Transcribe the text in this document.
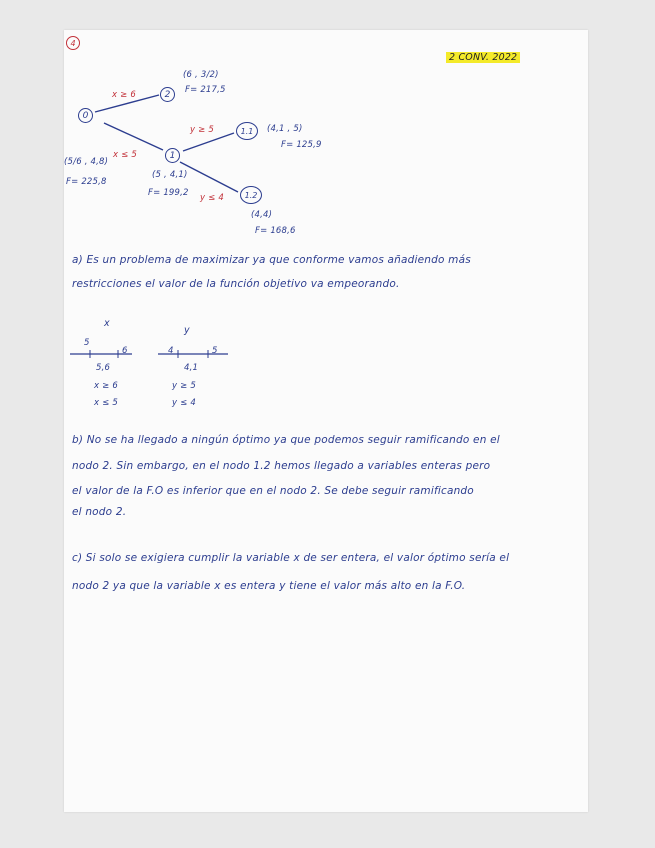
4
2 CONV. 2022
0
2
1
1.1
1.2
(5/6 , 4,8)
F= 225,8
(6 , 3/2)
F= 217,5
(5 , 4,1)
F= 199,2
(4,1 , 5)
F= 125,9
(4,4)
F= 168,6
x ≥ 6
x ≤ 5
y ≥ 5
y ≤ 4
a) Es un problema de maximizar ya que conforme vamos añadiendo más
restricciones el valor de la función objetivo va empeorando.
x
y
5
6
5,6
x ≥ 6
x ≤ 5
4	5
4,1
y ≥ 5
y ≤ 4
b) No se ha llegado a ningún óptimo ya que podemos seguir ramificando en el
nodo 2. Sin embargo, en el nodo 1.2 hemos llegado a variables enteras pero
el valor de la F.O es inferior que en el nodo 2. Se debe seguir ramificando
el nodo 2.
c) Si solo se exigiera cumplir la variable x de ser entera, el valor óptimo sería el
nodo 2 ya que la variable x es entera y tiene el valor más alto en la F.O.
